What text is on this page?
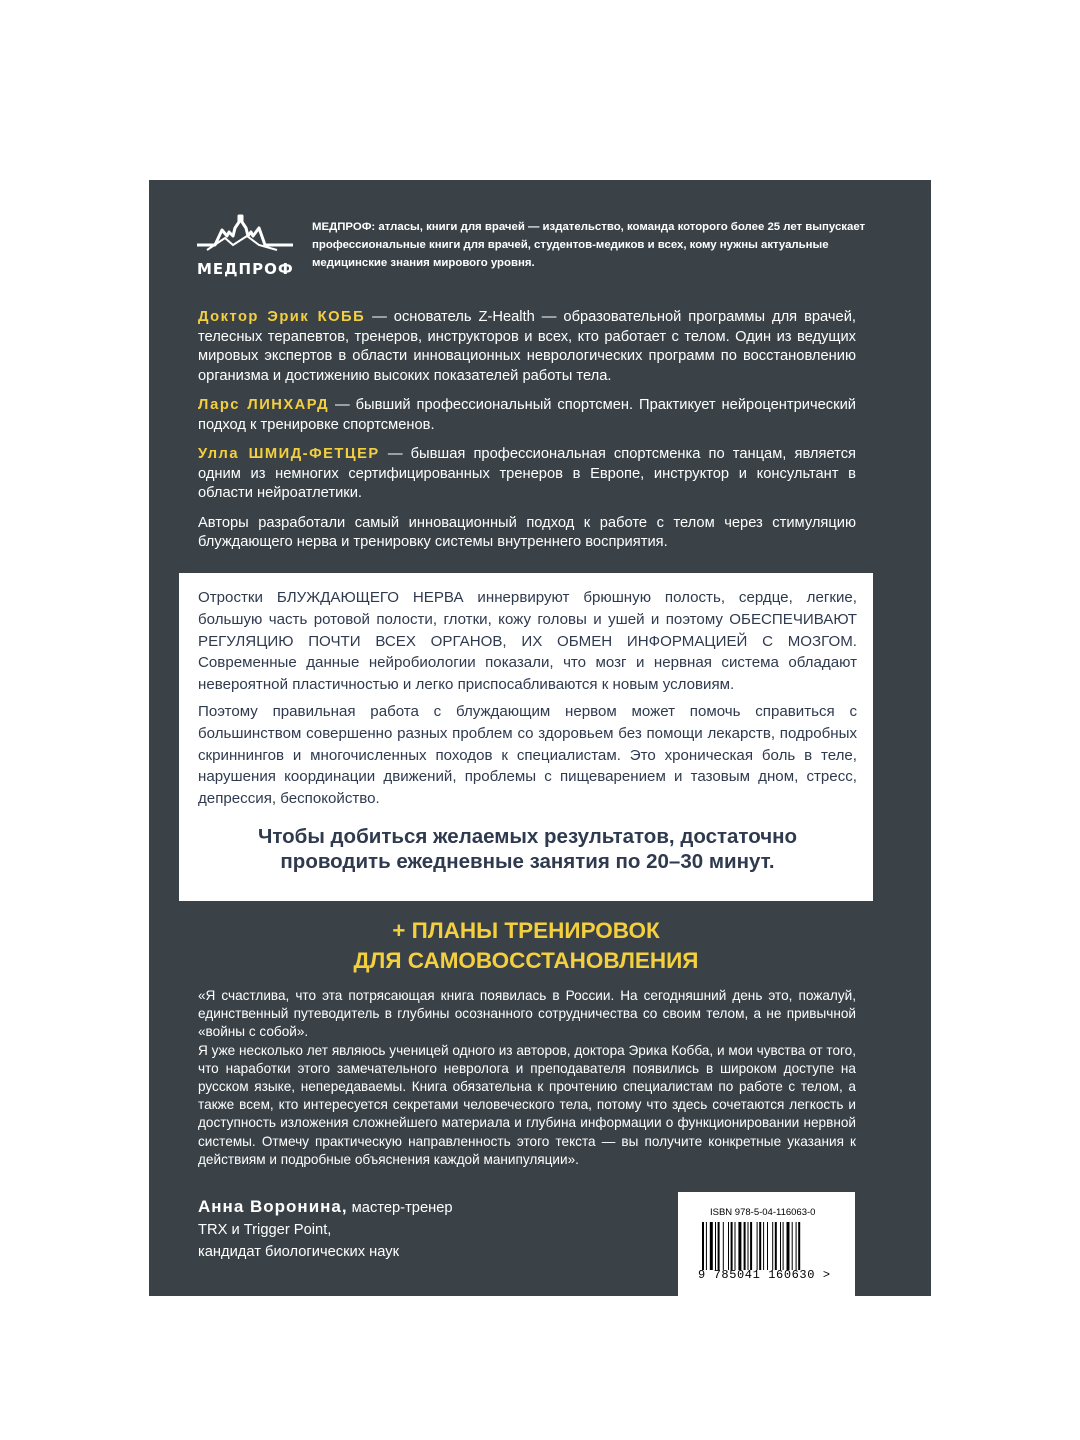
МЕДПРОФ
МЕДПРОФ: атласы, книги для врачей — издательство, команда которого более 25 лет выпускает профессиональные книги для врачей, студентов-медиков и всех, кому нужны актуальные медицинские знания мирового уровня.

Доктор Эрик КОББ — основатель Z-Health — образовательной программы для врачей, телесных терапевтов, тренеров, инструкторов и всех, кто работает с телом. Один из ведущих мировых экспертов в области инновационных неврологических программ по восстановлению организма и достижению высоких показателей работы тела.

Ларс ЛИНХАРД — бывший профессиональный спортсмен. Практикует нейроцентрический подход к тренировке спортсменов.

Улла ШМИД-ФЕТЦЕР — бывшая профессиональная спортсменка по танцам, является одним из немногих сертифицированных тренеров в Европе, инструктор и консультант в области нейроатлетики.

Авторы разработали самый инновационный подход к работе с телом через стимуляцию блуждающего нерва и тренировку системы внутреннего восприятия.

Отростки БЛУЖДАЮЩЕГО НЕРВА иннервируют брюшную полость, сердце, легкие, большую часть ротовой полости, глотки, кожу головы и ушей и поэтому ОБЕСПЕЧИВАЮТ РЕГУЛЯЦИЮ ПОЧТИ ВСЕХ ОРГАНОВ, ИХ ОБМЕН ИНФОРМАЦИЕЙ С МОЗГОМ. Современные данные нейробиологии показали, что мозг и нервная система обладают невероятной пластичностью и легко приспосабливаются к новым условиям.

Поэтому правильная работа с блуждающим нервом может помочь справиться с большинством совершенно разных проблем со здоровьем без помощи лекарств, подробных скриннингов и многочисленных походов к специалистам. Это хроническая боль в теле, нарушения координации движений, проблемы с пищеварением и тазовым дном, стресс, депрессия, беспокойство.

Чтобы добиться желаемых результатов, достаточно
проводить ежедневные занятия по 20–30 минут.
+ ПЛАНЫ ТРЕНИРОВОК
ДЛЯ САМОВОССТАНОВЛЕНИЯ

«Я счастлива, что эта потрясающая книга появилась в России. На сегодняшний день это, пожалуй, единственный путеводитель в глубины осознанного сотрудничества со своим телом, а не привычной «войны с собой».

Я уже несколько лет являюсь ученицей одного из авторов, доктора Эрика Кобба, и мои чувства от того, что наработки этого замечательного невролога и преподавателя появились в широком доступе на русском языке, непередаваемы. Книга обязательна к прочтению специалистам по работе с телом, а также всем, кто интересуется секретами человеческого тела, потому что здесь сочетаются легкость и доступность изложения сложнейшего материала и глубина информации о функционировании нервной системы. Отмечу практическую направленность этого текста — вы получите конкретные указания к действиям и подробные объяснения каждой манипуляции».

Анна Воронина, мастер-тренер
TRX и Trigger Point,
кандидат биологических наук
ISBN 978-5-04-116063-0
9 785041 160630 >
